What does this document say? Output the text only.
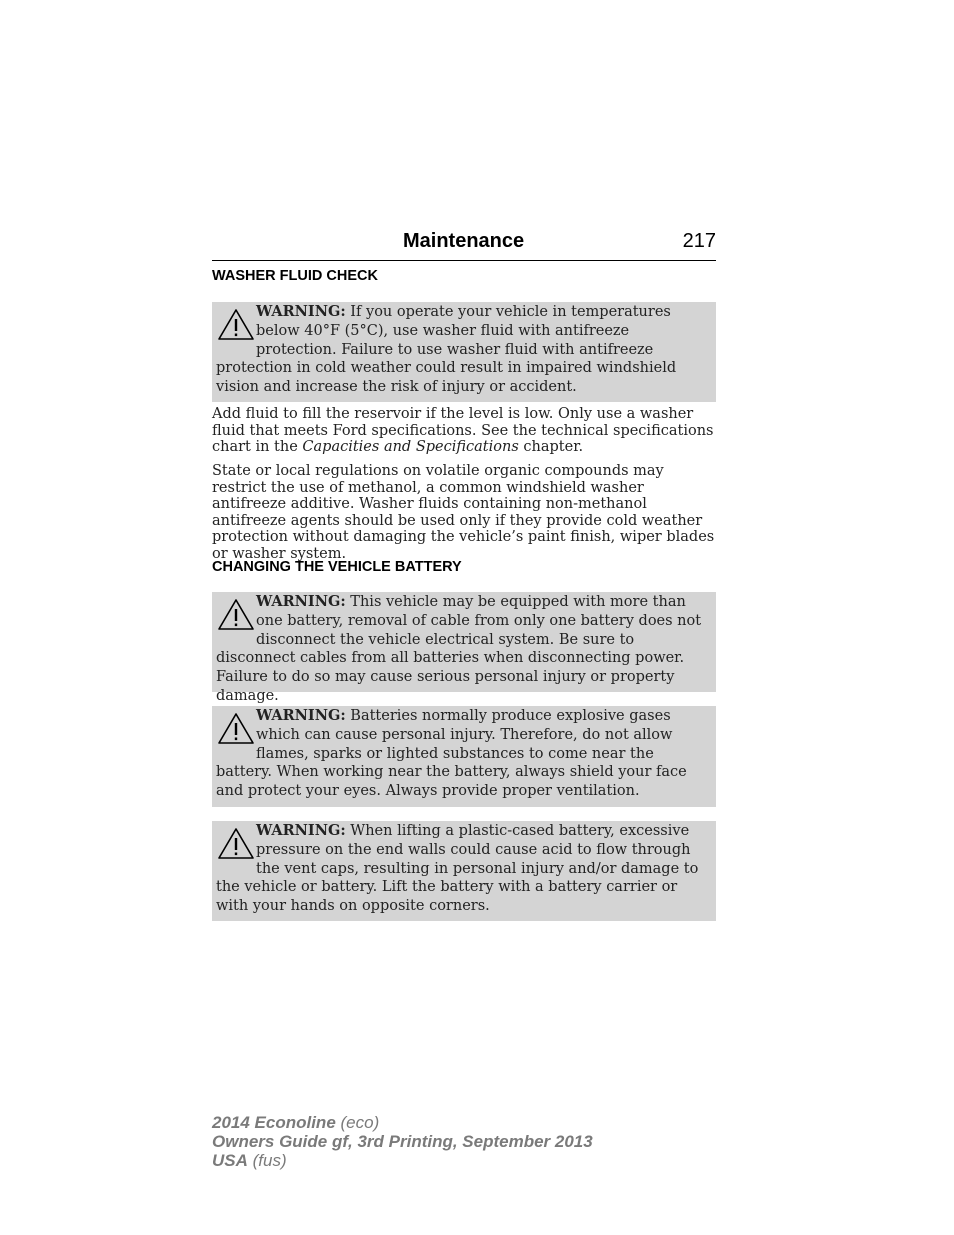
Maintenance	217
WASHER FLUID CHECK
WARNING: If you operate your vehicle in temperatures below 40°F (5°C), use washer fluid with antifreeze protection. Failure to use washer fluid with antifreeze protection in cold weather could result in impaired windshield vision and increase the risk of injury or accident.
Add fluid to fill the reservoir if the level is low. Only use a washer fluid that meets Ford specifications. See the technical specifications chart in the Capacities and Specifications chapter.
State or local regulations on volatile organic compounds may restrict the use of methanol, a common windshield washer antifreeze additive. Washer fluids containing non-methanol antifreeze agents should be used only if they provide cold weather protection without damaging the vehicle’s paint finish, wiper blades or washer system.
CHANGING THE VEHICLE BATTERY
WARNING: This vehicle may be equipped with more than one battery, removal of cable from only one battery does not disconnect the vehicle electrical system. Be sure to disconnect cables from all batteries when disconnecting power. Failure to do so may cause serious personal injury or property damage.
WARNING: Batteries normally produce explosive gases which can cause personal injury. Therefore, do not allow flames, sparks or lighted substances to come near the battery. When working near the battery, always shield your face and protect your eyes. Always provide proper ventilation.
WARNING: When lifting a plastic-cased battery, excessive pressure on the end walls could cause acid to flow through the vent caps, resulting in personal injury and/or damage to the vehicle or battery. Lift the battery with a battery carrier or with your hands on opposite corners.
2014 Econoline (eco)
Owners Guide gf, 3rd Printing, September 2013
USA (fus)
